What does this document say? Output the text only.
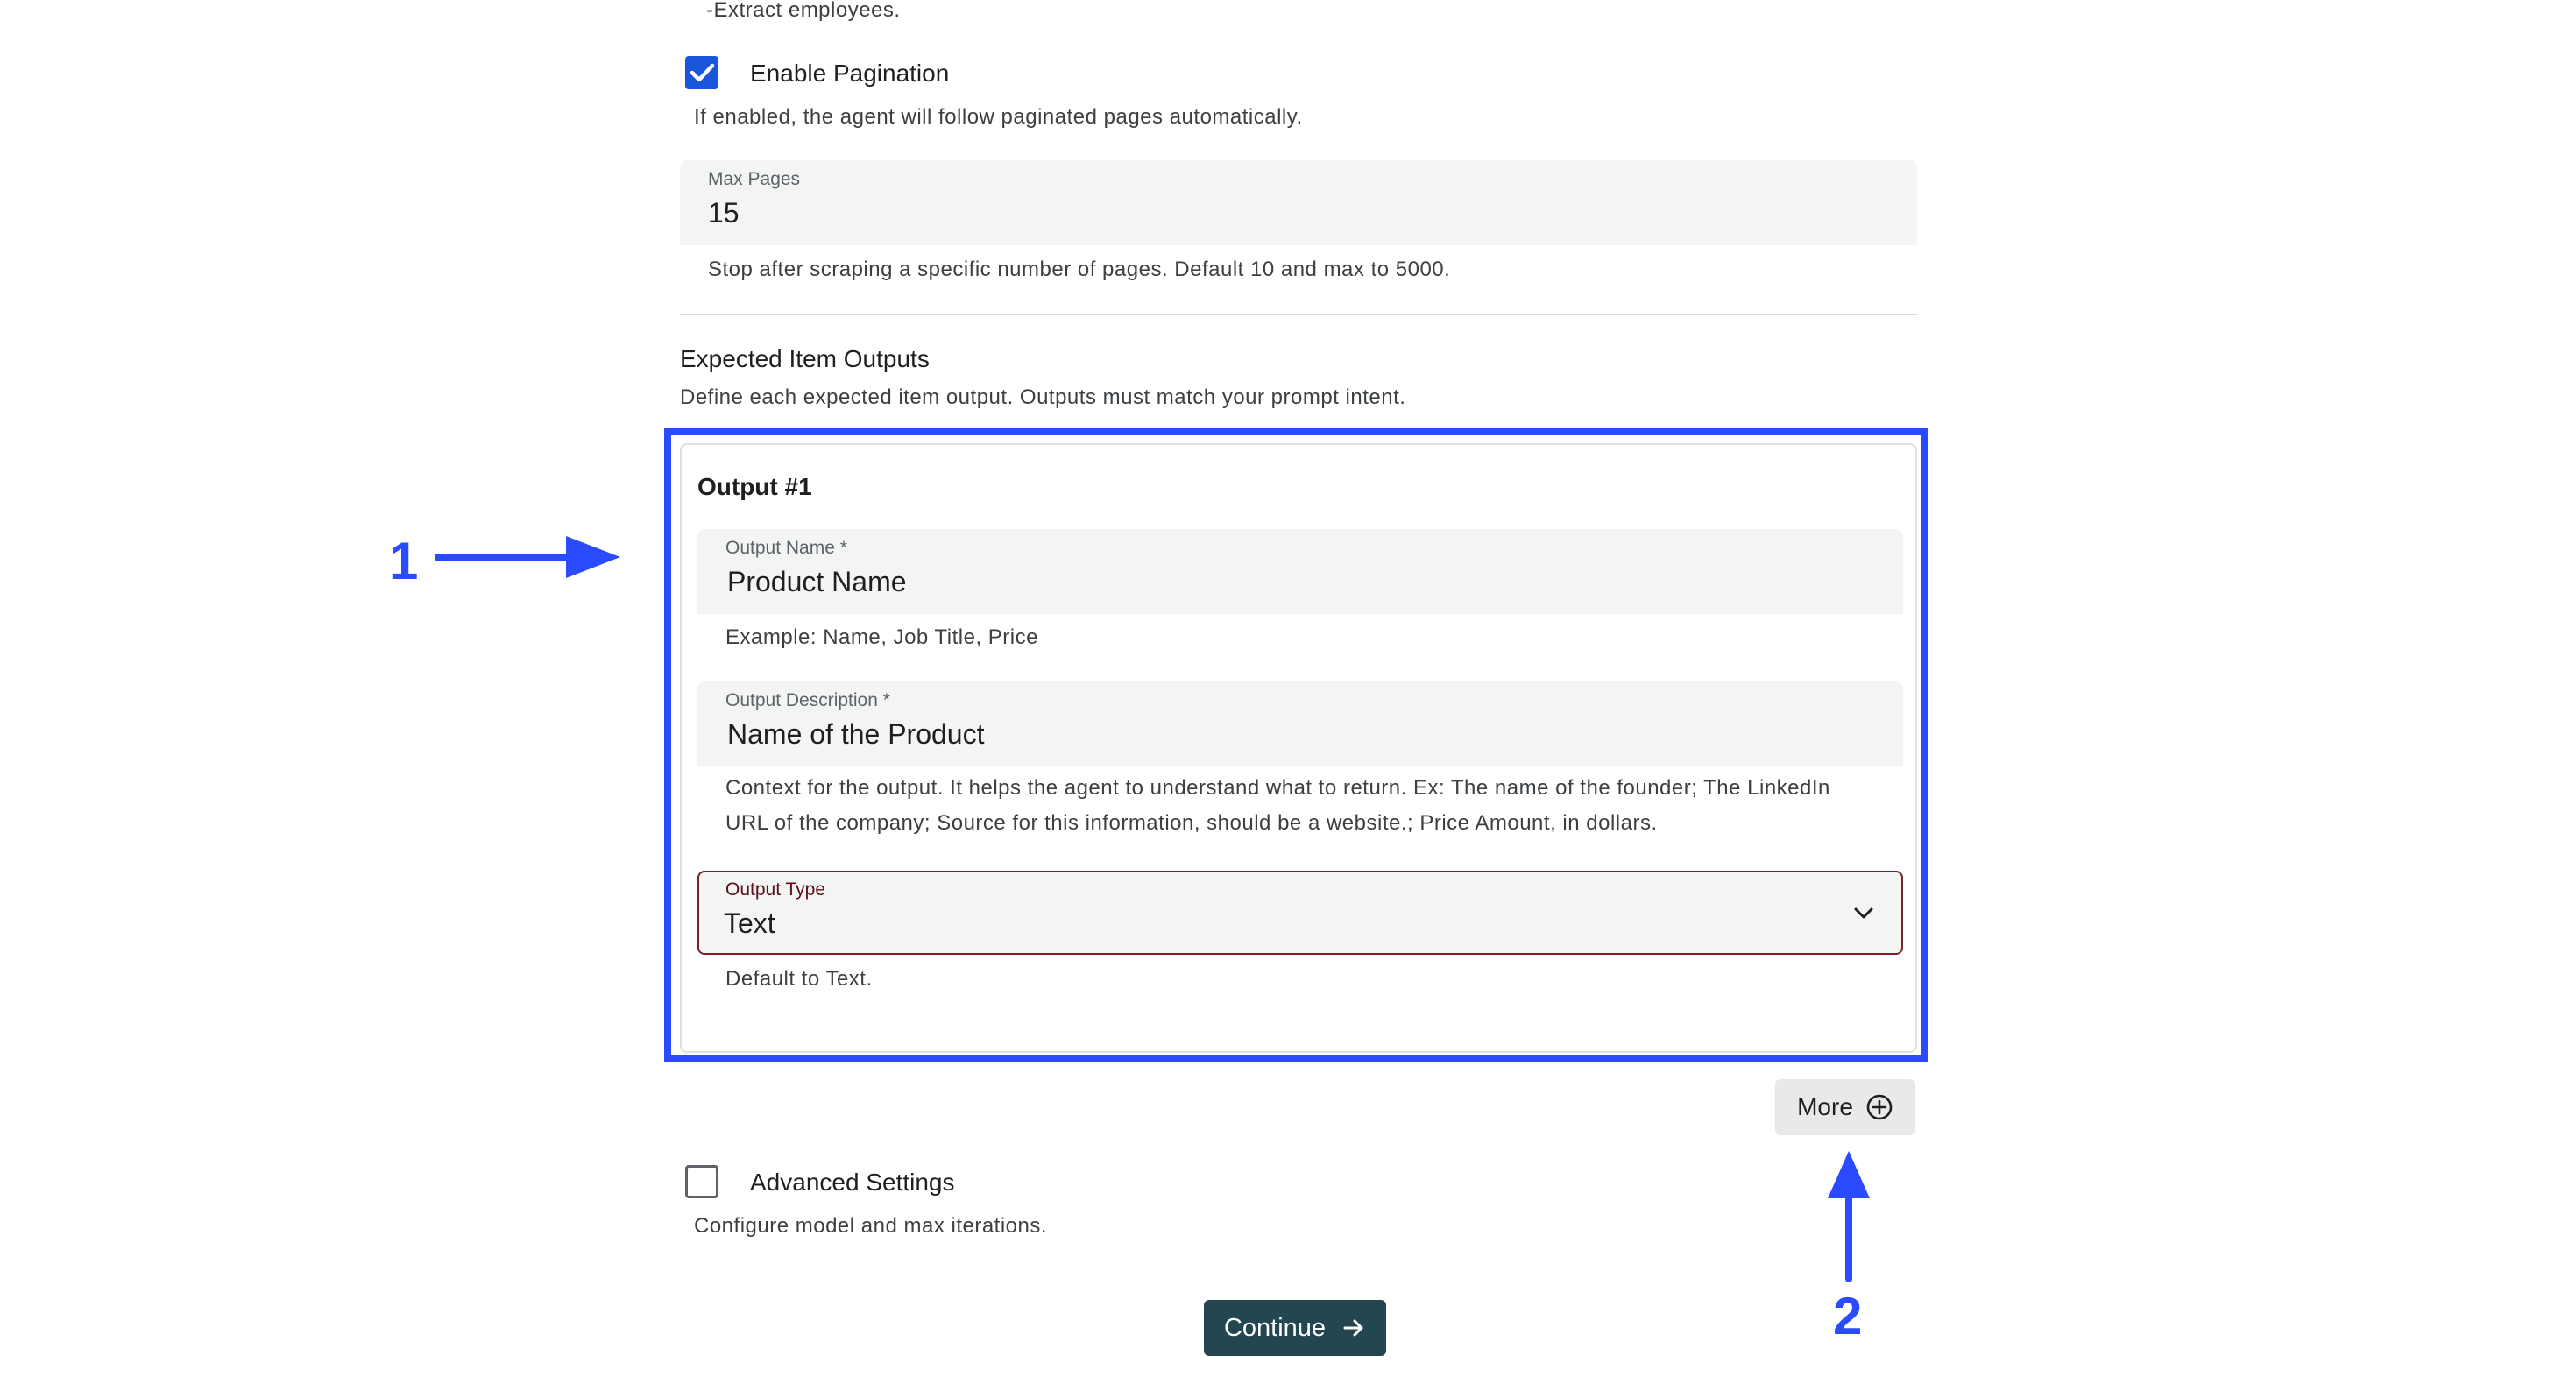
-Extract employees.
Enable Pagination
If enabled, the agent will follow paginated pages automatically.
Max Pages
15
Stop after scraping a specific number of pages. Default 10 and max to 5000.
Expected Item Outputs
Define each expected item output. Outputs must match your prompt intent.
Output #1
Output Name *
Product Name
Example: Name, Job Title, Price
Output Description *
Name of the Product
Context for the output. It helps the agent to understand what to return. Ex: The name of the founder; The LinkedIn
URL of the company; Source for this information, should be a website.; Price Amount, in dollars.
Output Type
Text
Default to Text.
More
Advanced Settings
Configure model and max iterations.
Continue
1
2
